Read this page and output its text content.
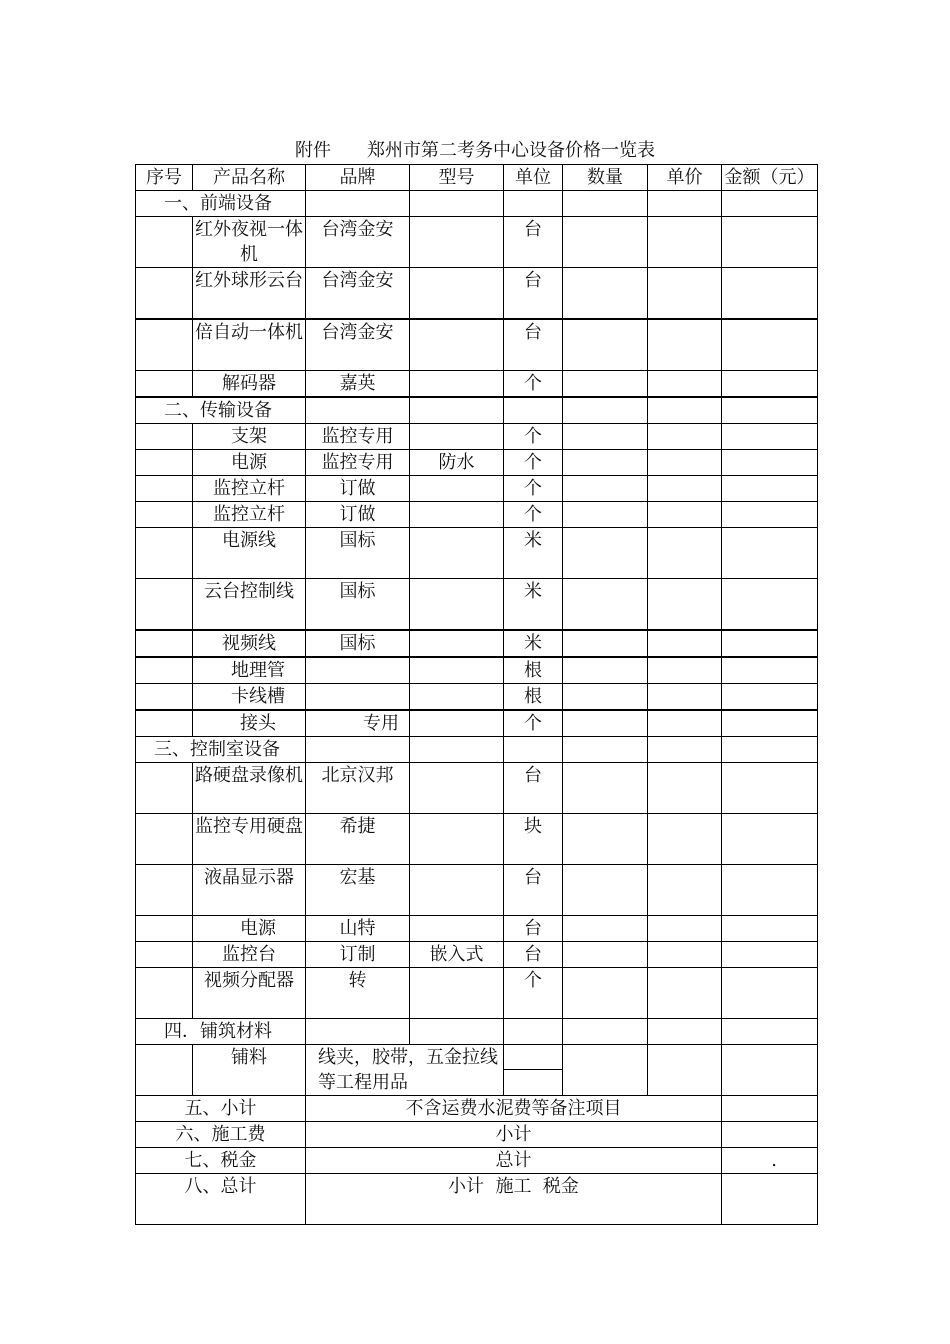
附件　　郑州市第二考务中心设备价格一览表
序号	产品名称	品牌	型号	单位	数量	单价	金额（元）
一、前端设备							
	红外夜视一体机	台湾金安		台			
	红外球形云台	台湾金安		台			
	倍自动一体机	台湾金安		台			
	解码器	嘉英		个			
二、传输设备							
	支架	监控专用		个			
	电源	监控专用	防水	个			
	监控立杆	订做		个			
	监控立杆	订做		个			
	电源线	国标		米			
	云台控制线	国标		米			
	视频线	国标		米			
	地理管			根			
	卡线槽			根			
	接头	专用		个			
三、控制室设备							
	路硬盘录像机	北京汉邦		台			
	监控专用硬盘	希捷		块			
	液晶显示器	宏基		台			
	电源	山特		台			
	监控台	订制	嵌入式	台			
	视频分配器	转		个			
四．铺筑材料							
	铺料	线夹，胶带，五金拉线等工程用品		

五、小计		不含运费水泥费等备注项目					
六、施工费		小计					
七、税金		总计					.
八、总计		小计  施工  税金					
